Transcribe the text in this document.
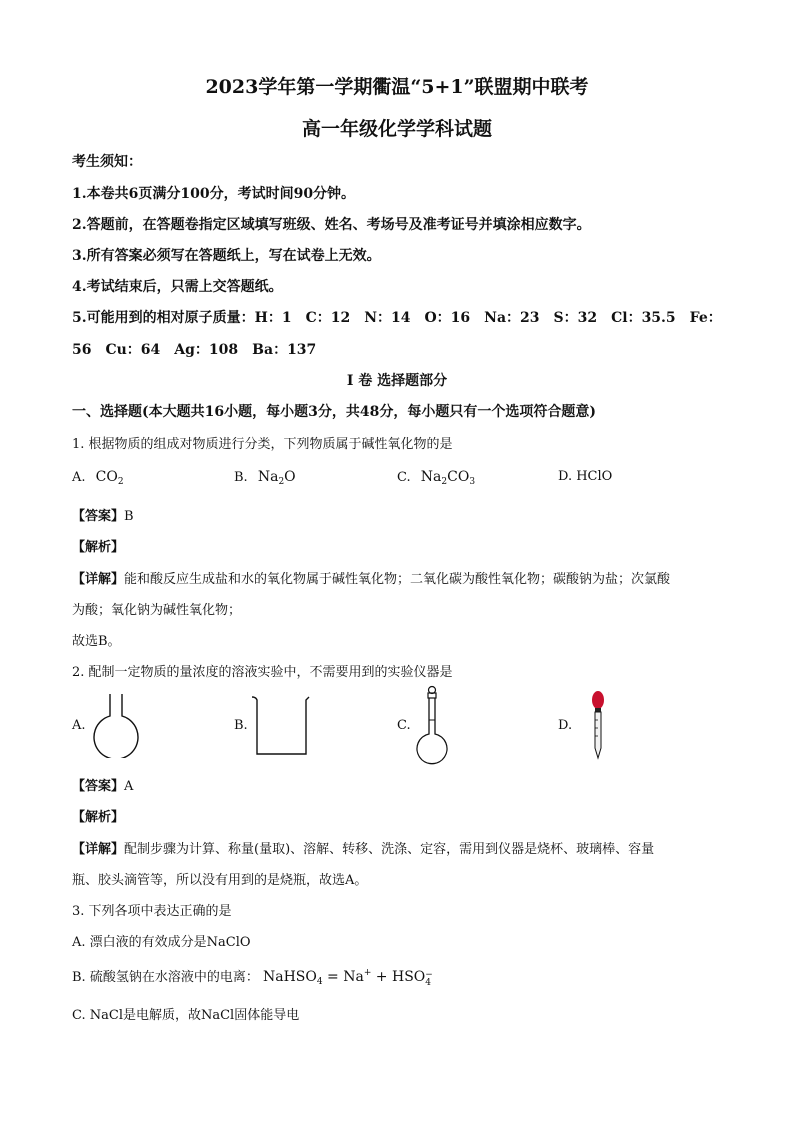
2023学年第一学期衢温“5+1”联盟期中联考
高一年级化学学科试题
考生须知：
1.本卷共6页满分100分，考试时间90分钟。
2.答题前，在答题卷指定区域填写班级、姓名、考场号及准考证号并填涂相应数字。
3.所有答案必须写在答题纸上，写在试卷上无效。
4.考试结束后，只需上交答题纸。
5.可能用到的相对原子质量：H：1　C：12　N：14　O：16　Na：23　S：32　Cl：35.5　Fe：
56　Cu：64　Ag：108　Ba：137
I 卷 选择题部分
一、选择题(本大题共16小题，每小题3分，共48分，每小题只有一个选项符合题意)
1. 根据物质的组成对物质进行分类，下列物质属于碱性氧化物的是
A. $CO_2$	B. $Na_2O$	C. $Na_2CO_3$	D. HClO
【答案】B
【解析】
【详解】能和酸反应生成盐和水的氧化物属于碱性氧化物；二氧化碳为酸性氧化物；碳酸钠为盐；次氯酸
为酸；氧化钠为碱性氧化物；
故选B。
2. 配制一定物质的量浓度的溶液实验中，不需要用到的实验仪器是
A.	B.	C.	D.
【答案】A
【解析】
【详解】配制步骤为计算、称量(量取)、溶解、转移、洗涤、定容，需用到仪器是烧杯、玻璃棒、容量
瓶、胶头滴管等，所以没有用到的是烧瓶，故选A。
3. 下列各项中表达正确的是
A. 漂白液的有效成分是NaClO
B. 硫酸氢钠在水溶液中的电离： NaHSO$_4$ = Na+ + HSO −
4
C. NaCl是电解质，故NaCl固体能导电
